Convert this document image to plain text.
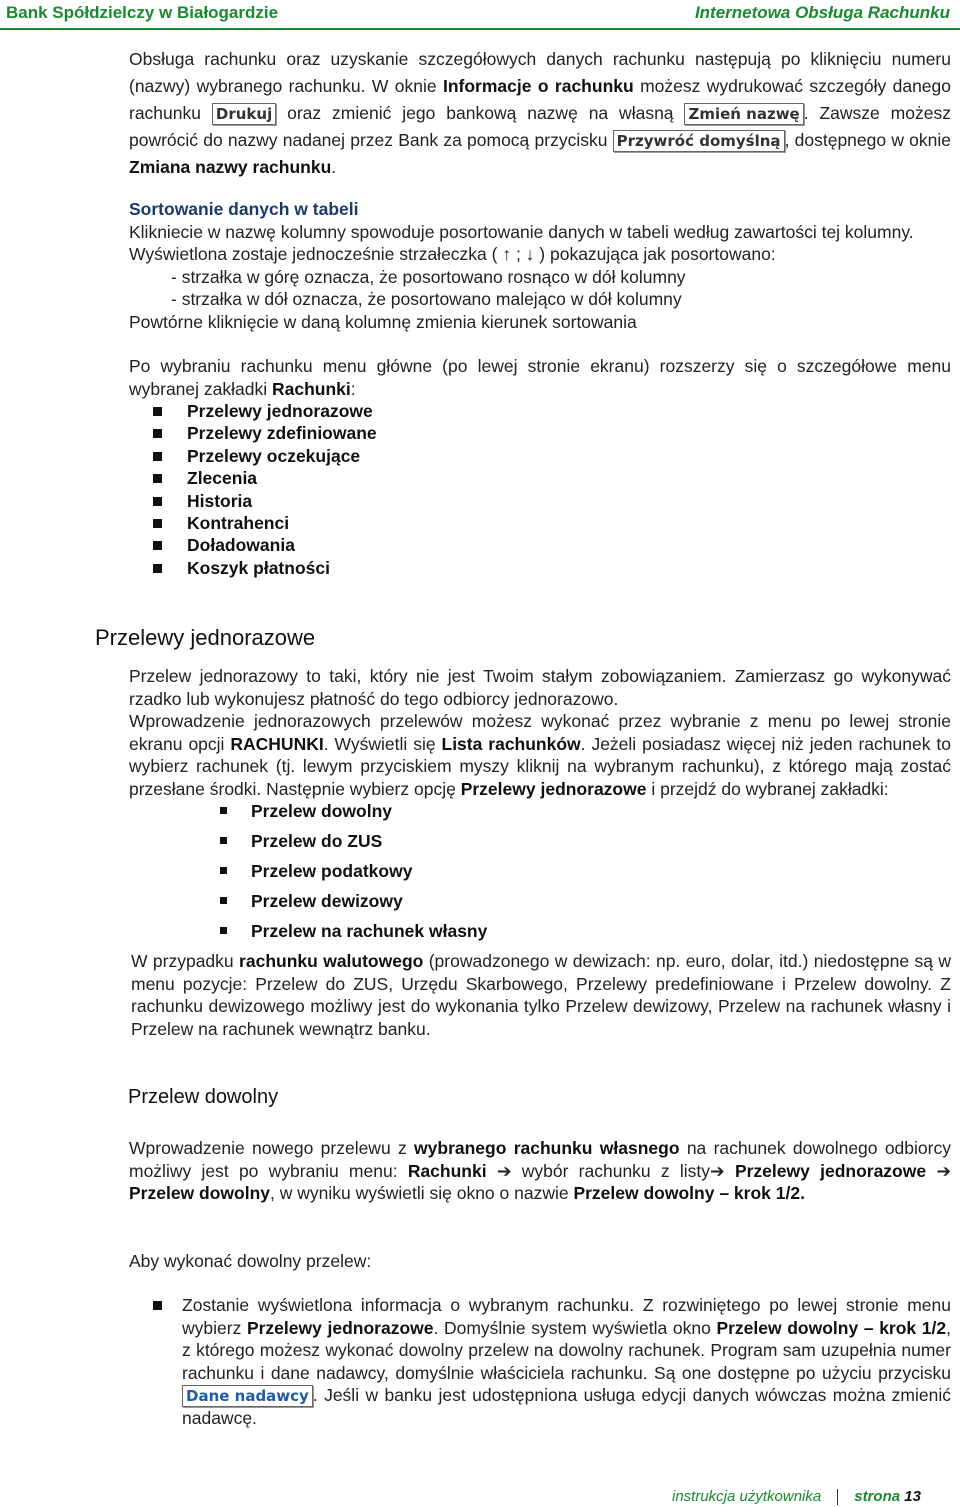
Bank Spółdzielczy w Białogardzie	Internetowa Obsługa Rachunku

Obsługa rachunku oraz uzyskanie szczegółowych danych rachunku następują po kliknięciu numeru (nazwy) wybranego rachunku. W oknie Informacje o rachunku możesz wydrukować szczegóły danego rachunku Drukuj oraz zmienić jego bankową nazwę na własną Zmień nazwę . Zawsze możesz powrócić do nazwy nadanej przez Bank za pomocą przycisku Przywróć domyślną , dostępnego w oknie Zmiana nazwy rachunku.

Sortowanie danych w tabeli

Klikniecie w nazwę kolumny spowoduje posortowanie danych w tabeli według zawartości tej kolumny. Wyświetlona zostaje jednocześnie strzałeczka ( ↑ ; ↓ ) pokazująca jak posortowano:

- strzałka w górę oznacza, że posortowano rosnąco w dół kolumny

- strzałka w dół oznacza, że posortowano malejąco w dół kolumny

Powtórne kliknięcie w daną kolumnę zmienia kierunek sortowania

Po wybraniu rachunku menu główne (po lewej stronie ekranu) rozszerzy się o szczegółowe menu wybranej zakładki Rachunki:

Przelewy jednorazowe
Przelewy zdefiniowane
Przelewy oczekujące
Zlecenia
Historia
Kontrahenci
Doładowania
Koszyk płatności
Przelewy jednorazowe

Przelew jednorazowy to taki, który nie jest Twoim stałym zobowiązaniem. Zamierzasz go wykonywać rzadko lub wykonujesz płatność do tego odbiorcy jednorazowo.

Wprowadzenie jednorazowych przelewów możesz wykonać przez wybranie z menu po lewej stronie ekranu opcji RACHUNKI. Wyświetli się Lista rachunków. Jeżeli posiadasz więcej niż jeden rachunek to wybierz rachunek (tj. lewym przyciskiem myszy kliknij na wybranym rachunku), z którego mają zostać przesłane środki. Następnie wybierz opcję Przelewy jednorazowe i przejdź do wybranej zakładki:

Przelew dowolny
Przelew do ZUS
Przelew podatkowy
Przelew dewizowy
Przelew na rachunek własny

W przypadku rachunku walutowego (prowadzonego w dewizach: np. euro, dolar, itd.) niedostępne są w menu pozycje: Przelew do ZUS, Urzędu Skarbowego, Przelewy predefiniowane i Przelew dowolny. Z rachunku dewizowego możliwy jest do wykonania tylko Przelew dewizowy, Przelew na rachunek własny i Przelew na rachunek wewnątrz banku.

Przelew dowolny

Wprowadzenie nowego przelewu z wybranego rachunku własnego na rachunek dowolnego odbiorcy możliwy jest po wybraniu menu: Rachunki ➔ wybór rachunku z listy➔ Przelewy jednorazowe ➔ Przelew dowolny, w wyniku wyświetli się okno o nazwie Przelew dowolny – krok 1/2.

Aby wykonać dowolny przelew:

Zostanie wyświetlona informacja o wybranym rachunku. Z rozwiniętego po lewej stronie menu wybierz Przelewy jednorazowe. Domyślnie system wyświetla okno Przelew dowolny – krok 1/2, z którego możesz wykonać dowolny przelew na dowolny rachunek. Program sam uzupełnia numer rachunku i dane nadawcy, domyślnie właściciela rachunku. Są one dostępne po użyciu przycisku Dane nadawcy . Jeśli w banku jest udostępniona usługa edycji danych wówczas można zmienić nadawcę.

instrukcja użytkownika strona 13
